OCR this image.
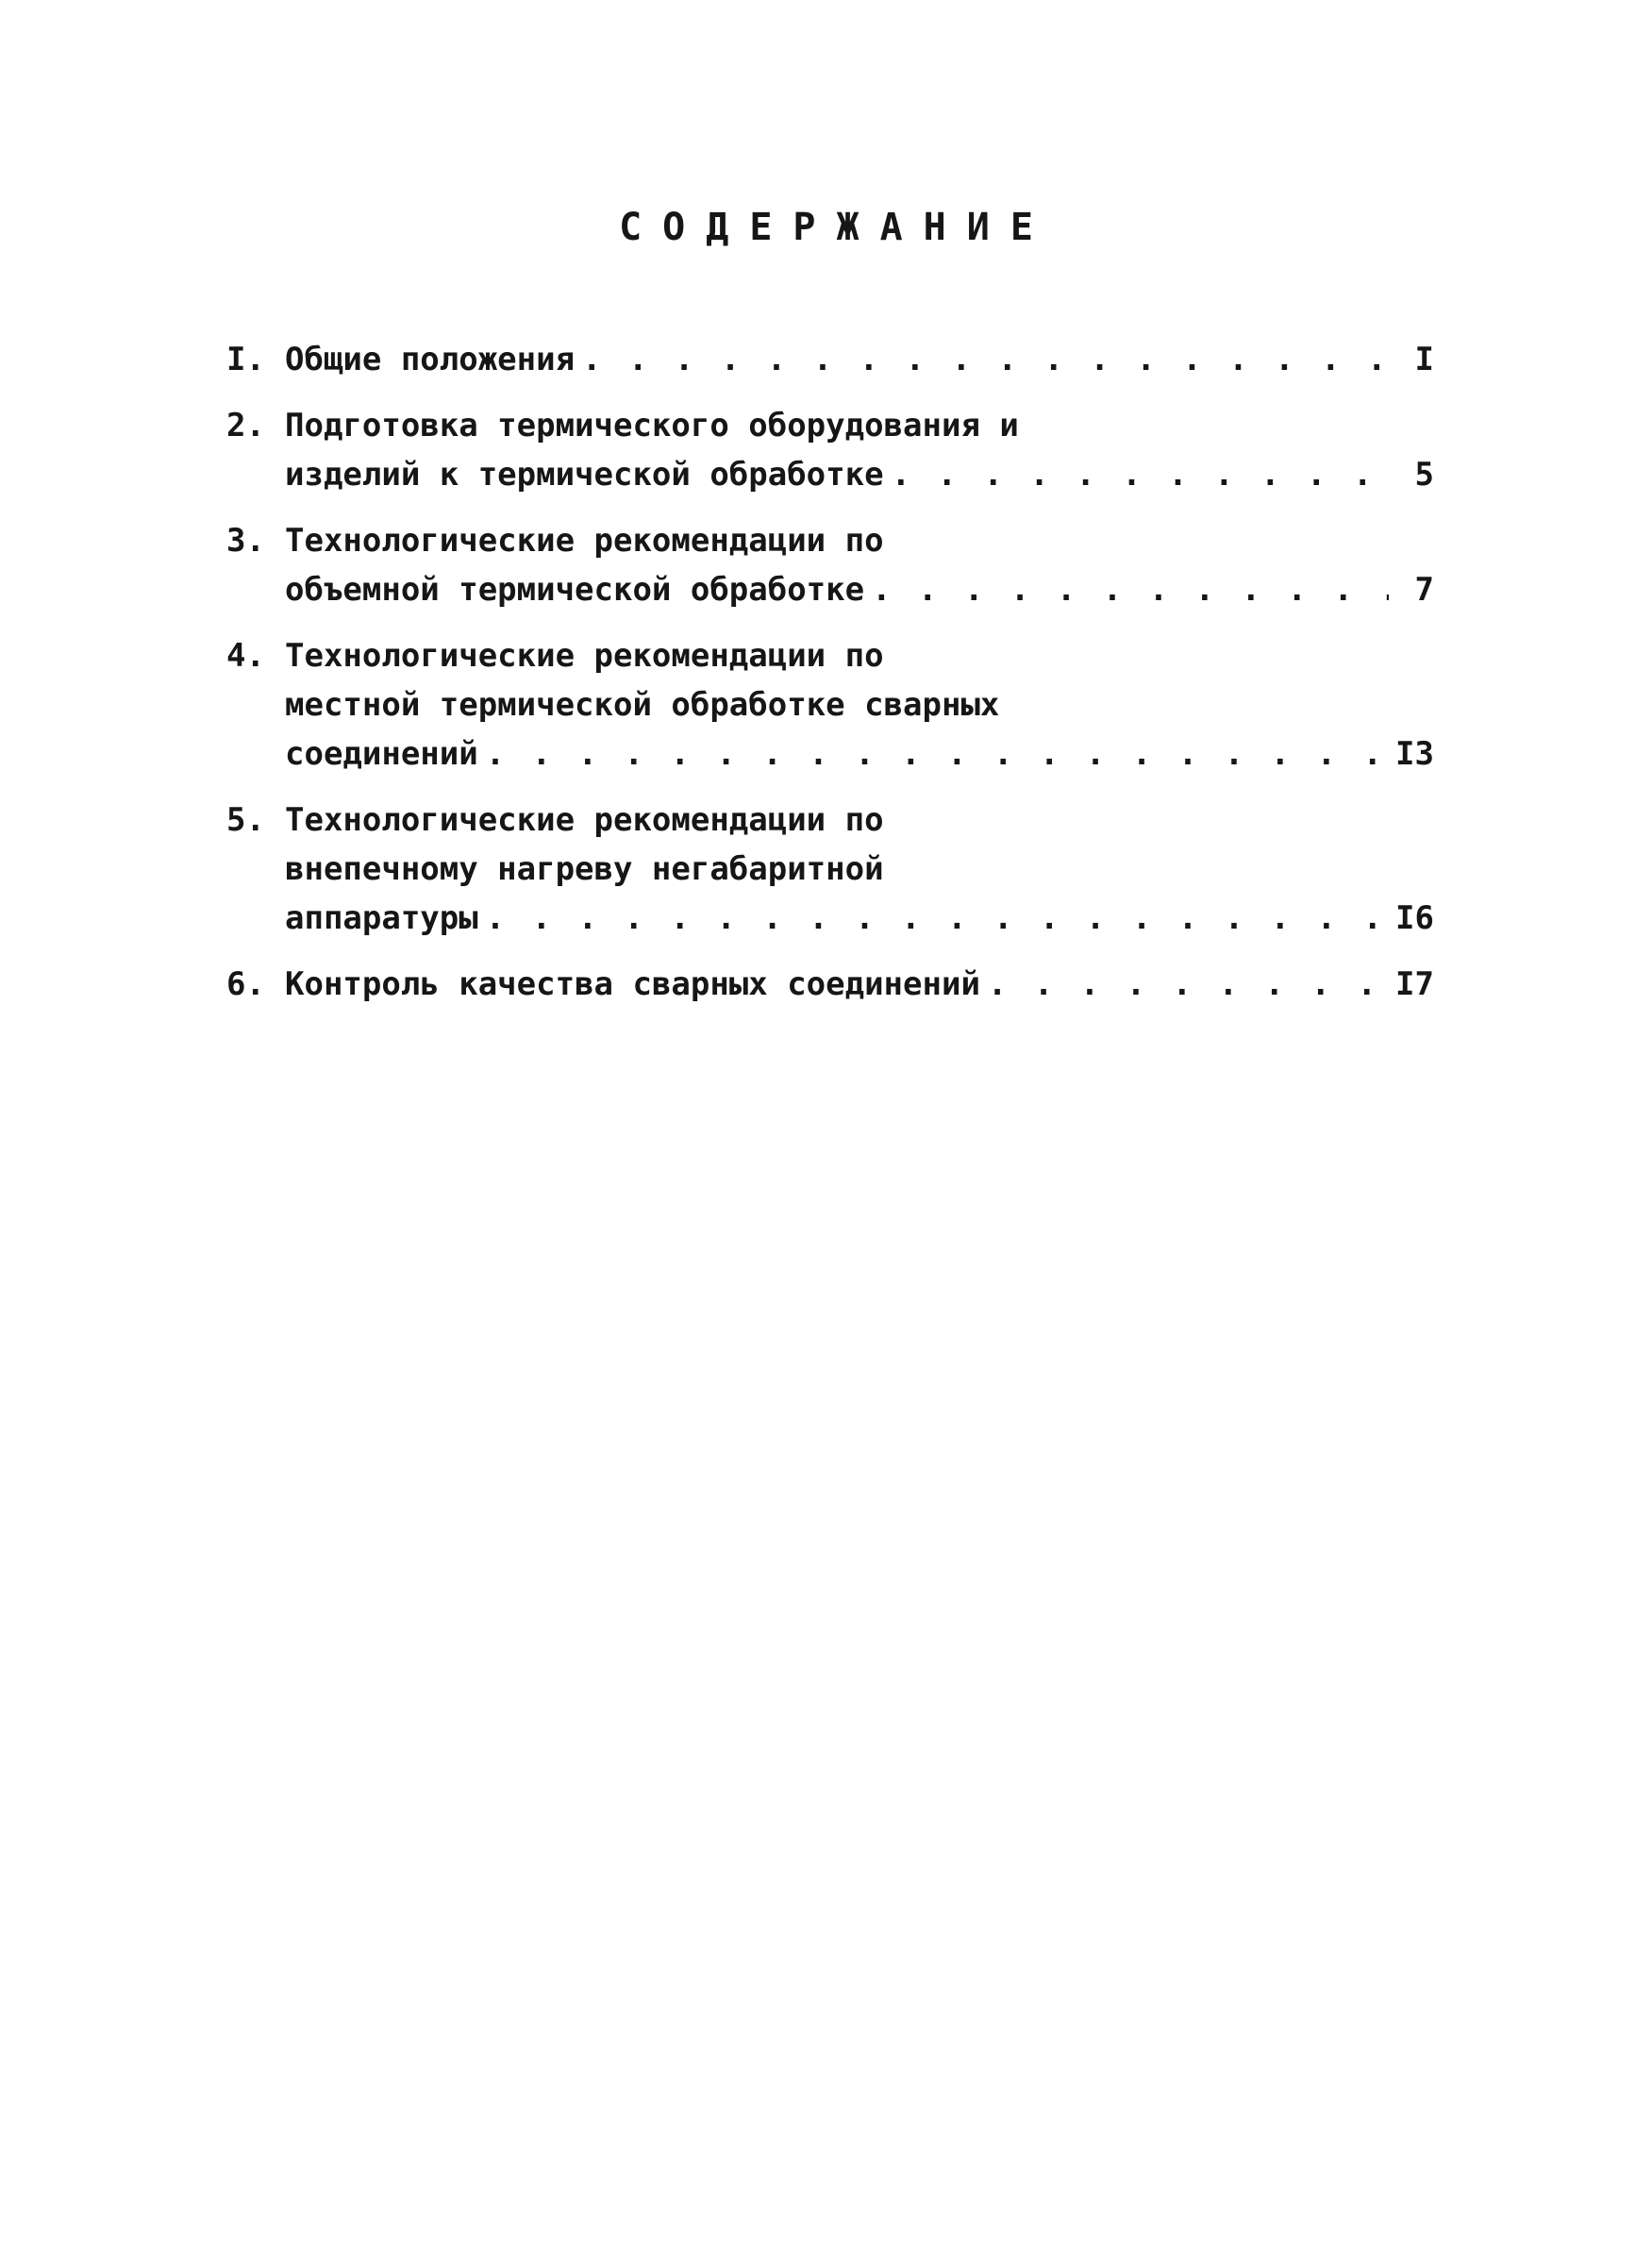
СОДЕРЖАНИЕ
I. Общие положения . . .	I
2. Подготовка термического оборудования и
изделий к термической обработке . . .	5
3. Технологические рекомендации по
объемной термической обработке . . .	7
4. Технологические рекомендации по
местной термической обработке сварных
соединений . . .	I3
5. Технологические рекомендации по
внепечному нагреву негабаритной
аппаратуры . . .	I6
6. Контроль качества сварных соединений . . .	I7
